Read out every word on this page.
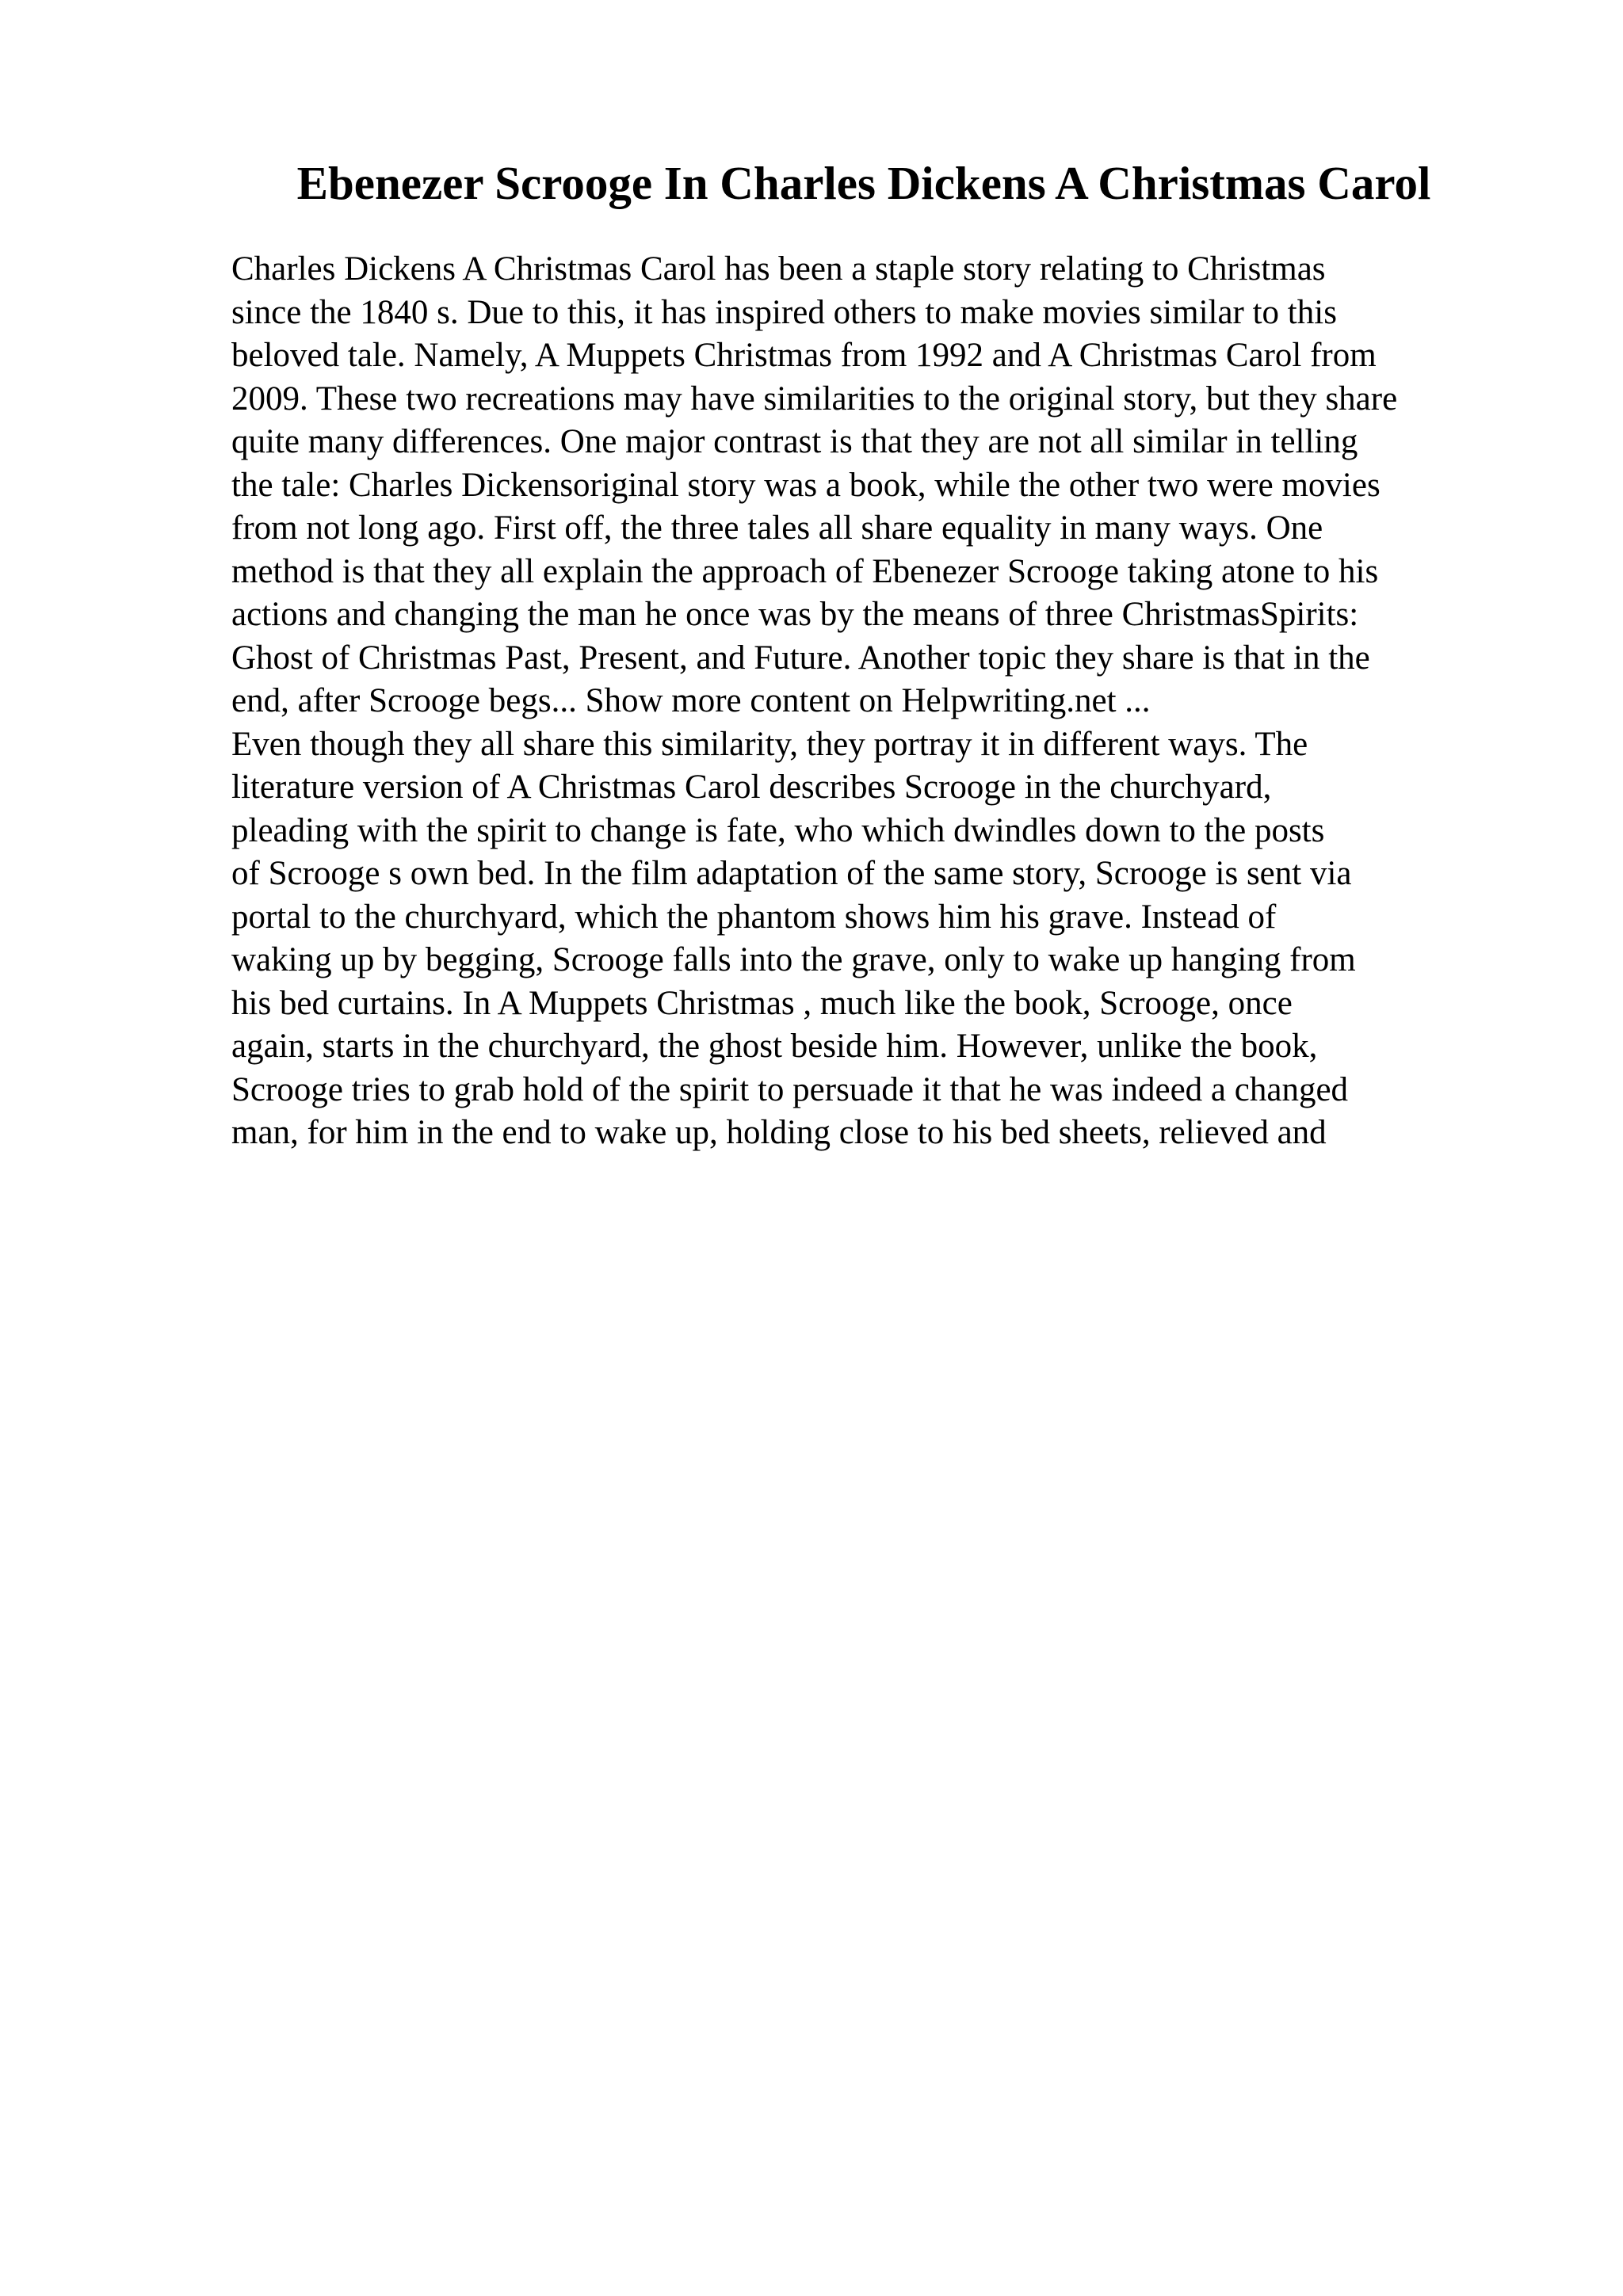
Ebenezer Scrooge In Charles Dickens A Christmas Carol
Charles Dickens A Christmas Carol has been a staple story relating to Christmas
since the 1840 s. Due to this, it has inspired others to make movies similar to this
beloved tale. Namely, A Muppets Christmas from 1992 and A Christmas Carol from
2009. These two recreations may have similarities to the original story, but they share
quite many differences. One major contrast is that they are not all similar in telling
the tale: Charles Dickensoriginal story was a book, while the other two were movies
from not long ago. First off, the three tales all share equality in many ways. One
method is that they all explain the approach of Ebenezer Scrooge taking atone to his
actions and changing the man he once was by the means of three ChristmasSpirits:
Ghost of Christmas Past, Present, and Future. Another topic they share is that in the
end, after Scrooge begs... Show more content on Helpwriting.net ...
Even though they all share this similarity, they portray it in different ways. The
literature version of A Christmas Carol describes Scrooge in the churchyard,
pleading with the spirit to change is fate, who which dwindles down to the posts
of Scrooge s own bed. In the film adaptation of the same story, Scrooge is sent via
portal to the churchyard, which the phantom shows him his grave. Instead of
waking up by begging, Scrooge falls into the grave, only to wake up hanging from
his bed curtains. In A Muppets Christmas , much like the book, Scrooge, once
again, starts in the churchyard, the ghost beside him. However, unlike the book,
Scrooge tries to grab hold of the spirit to persuade it that he was indeed a changed
man, for him in the end to wake up, holding close to his bed sheets, relieved and
